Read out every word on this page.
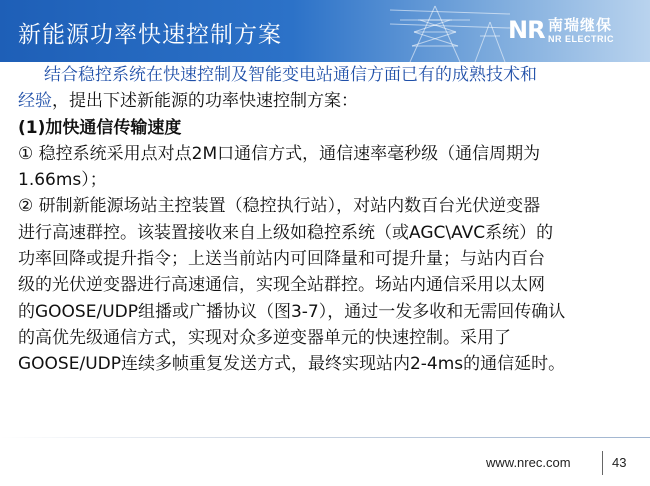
新能源功率快速控制方案	NR 南瑞继保
NR ELECTRIC

结合稳控系统在快速控制及智能变电站通信方面已有的成熟技术和
经验，提出下述新能源的功率快速控制方案：

(1)加快通信传输速度

① 稳控系统采用点对点2M口通信方式，通信速率毫秒级（通信周期为

1.66ms）；

② 研制新能源场站主控装置（稳控执行站），对站内数百台光伏逆变器

进行高速群控。该装置接收来自上级如稳控系统（或AGC\AVC系统）的

功率回降或提升指令；上送当前站内可回降量和可提升量；与站内百台

级的光伏逆变器进行高速通信，实现全站群控。场站内通信采用以太网

的GOOSE/UDP组播或广播协议（图3-7），通过一发多收和无需回传确认

的高优先级通信方式，实现对众多逆变器单元的快速控制。采用了

GOOSE/UDP连续多帧重复发送方式，最终实现站内2-4ms的通信延时。

www.nrec.com	43
